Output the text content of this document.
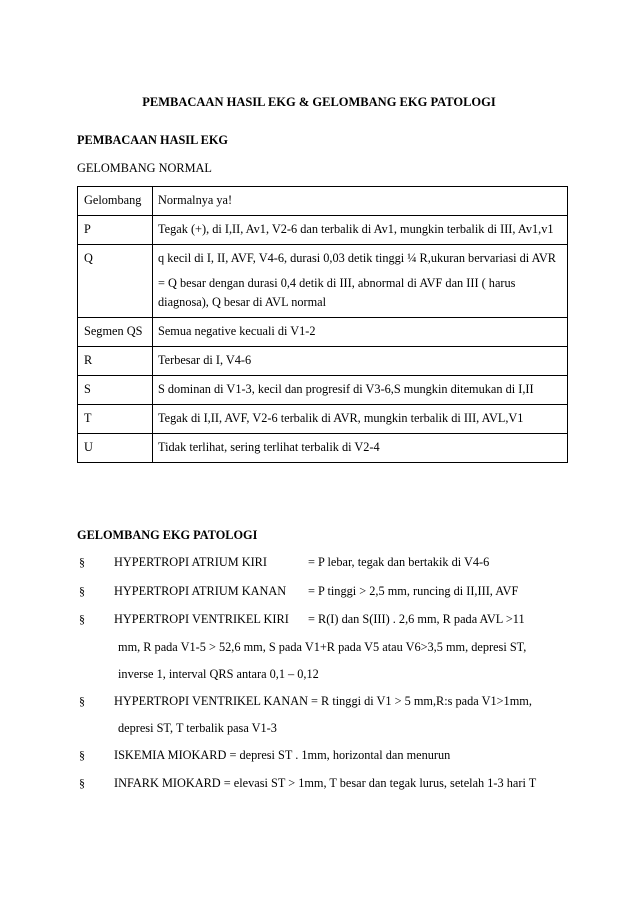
PEMBACAAN HASIL EKG & GELOMBANG EKG PATOLOGI
PEMBACAAN HASIL EKG
GELOMBANG NORMAL
Gelombang	Normalnya ya!

P	Tegak (+), di I,II, Av1, V2-6 dan terbalik di Av1, mungkin terbalik di III, Av1,v1

Q	q kecil di I, II, AVF, V4-6, durasi 0,03 detik tinggi ¼ R,ukuran bervariasi di AVR

= Q besar dengan durasi 0,4 detik di III, abnormal di AVF dan III ( harus diagnosa), Q besar di AVL normal

Segmen QS	Semua negative kecuali di V1-2

R	Terbesar di I, V4-6

S	S dominan di V1-3, kecil dan progresif di V3-6,S mungkin ditemukan di I,II

T	Tegak di I,II, AVF, V2-6 terbalik di AVR, mungkin terbalik di III, AVL,V1

U	Tidak terlihat, sering terlihat terbalik di V2-4

GELOMBANG EKG PATOLOGI
§ HYPERTROPI ATRIUM KIRI	= P lebar, tegak dan bertakik di V4-6
§ HYPERTROPI ATRIUM KANAN = P tinggi > 2,5 mm, runcing di II,III, AVF
§ HYPERTROPI VENTRIKEL KIRI = R(I) dan S(III) . 2,6 mm, R pada AVL >11
mm, R pada V1-5 > 52,6 mm, S pada V1+R pada V5 atau V6>3,5 mm, depresi ST,
inverse 1, interval QRS antara 0,1 – 0,12
§ HYPERTROPI VENTRIKEL KANAN = R tinggi di V1 > 5 mm,R:s pada V1>1mm,
depresi ST, T terbalik pasa V1-3
§ ISKEMIA MIOKARD = depresi ST . 1mm, horizontal dan menurun
§ INFARK MIOKARD = elevasi ST > 1mm, T besar dan tegak lurus, setelah 1-3 hari T
